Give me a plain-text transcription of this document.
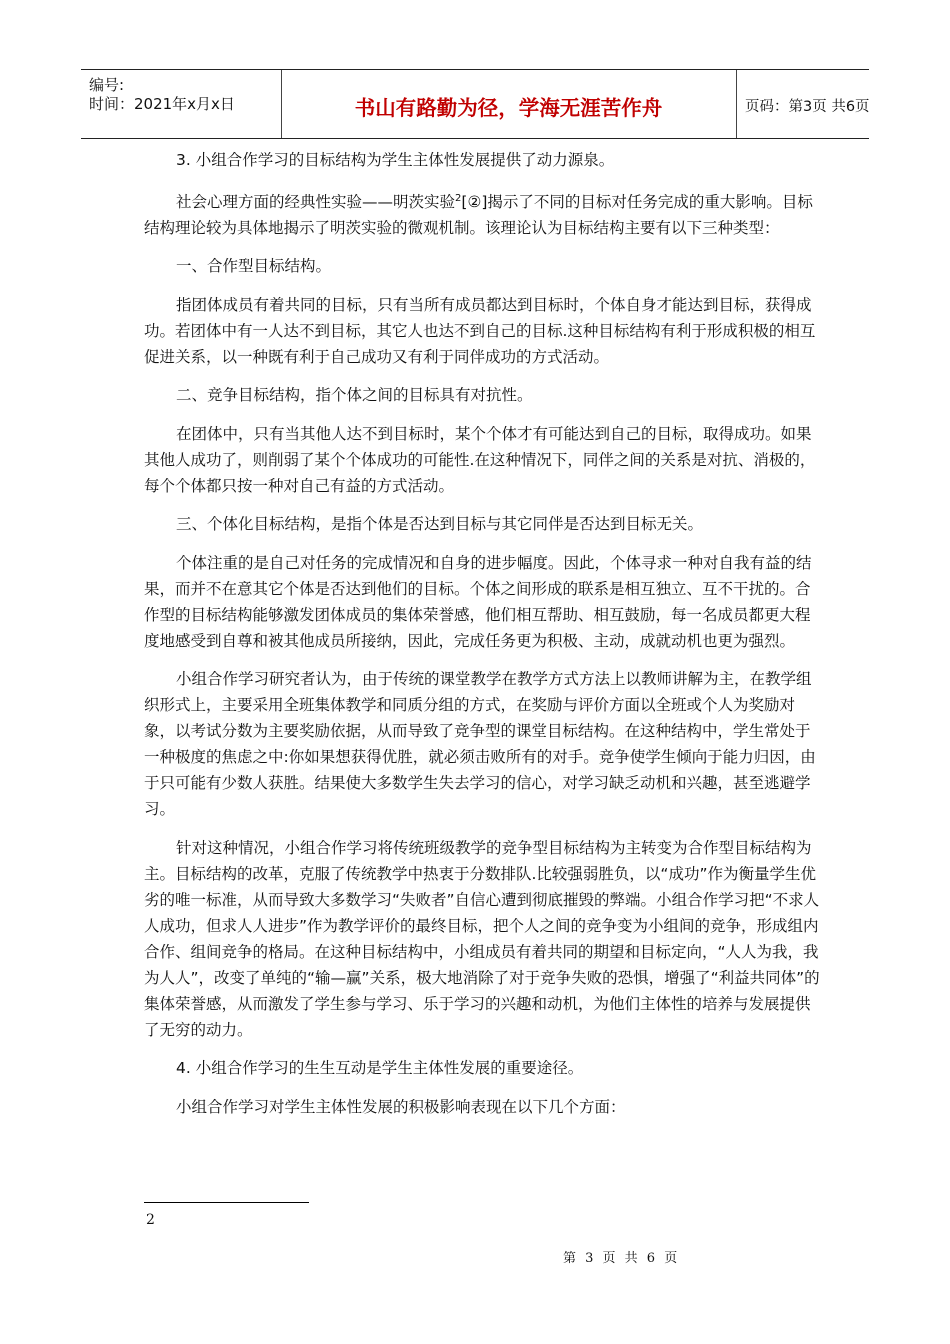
编号:
时间：2021年x月x日	书山有路勤为径，学海无涯苦作舟	页码：第3页 共6页

3. 小组合作学习的目标结构为学生主体性发展提供了动力源泉。

社会心理方面的经典性实验——明茨实验$^2$[②]揭示了不同的目标对任务完成的重大影响。目标结构理论较为具体地揭示了明茨实验的微观机制。该理论认为目标结构主要有以下三种类型：

一、合作型目标结构。

指团体成员有着共同的目标，只有当所有成员都达到目标时，个体自身才能达到目标，获得成功。若团体中有一人达不到目标，其它人也达不到自己的目标.这种目标结构有利于形成积极的相互促进关系，以一种既有利于自己成功又有利于同伴成功的方式活动。

二、竞争目标结构，指个体之间的目标具有对抗性。

在团体中，只有当其他人达不到目标时，某个个体才有可能达到自己的目标，取得成功。如果其他人成功了，则削弱了某个个体成功的可能性.在这种情况下，同伴之间的关系是对抗、消极的，每个个体都只按一种对自己有益的方式活动。

三、个体化目标结构，是指个体是否达到目标与其它同伴是否达到目标无关。

个体注重的是自己对任务的完成情况和自身的进步幅度。因此，个体寻求一种对自我有益的结果，而并不在意其它个体是否达到他们的目标。个体之间形成的联系是相互独立、互不干扰的。合作型的目标结构能够激发团体成员的集体荣誉感，他们相互帮助、相互鼓励，每一名成员都更大程度地感受到自尊和被其他成员所接纳，因此，完成任务更为积极、主动，成就动机也更为强烈。

小组合作学习研究者认为，由于传统的课堂教学在教学方式方法上以教师讲解为主，在教学组织形式上，主要采用全班集体教学和同质分组的方式，在奖励与评价方面以全班或个人为奖励对象，以考试分数为主要奖励依据，从而导致了竞争型的课堂目标结构。在这种结构中，学生常处于一种极度的焦虑之中:你如果想获得优胜，就必须击败所有的对手。竞争使学生倾向于能力归因，由于只可能有少数人获胜。结果使大多数学生失去学习的信心，对学习缺乏动机和兴趣，甚至逃避学习。

针对这种情况，小组合作学习将传统班级教学的竞争型目标结构为主转变为合作型目标结构为主。目标结构的改革，克服了传统教学中热衷于分数排队.比较强弱胜负，以“成功”作为衡量学生优劣的唯一标准，从而导致大多数学习“失败者”自信心遭到彻底摧毁的弊端。小组合作学习把“不求人人成功，但求人人进步”作为教学评价的最终目标，把个人之间的竞争变为小组间的竞争，形成组内合作、组间竞争的格局。在这种目标结构中，小组成员有着共同的期望和目标定向，“人人为我，我为人人”，改变了单纯的“输—赢”关系，极大地消除了对于竞争失败的恐惧，增强了“利益共同体”的集体荣誉感，从而激发了学生参与学习、乐于学习的兴趣和动机，为他们主体性的培养与发展提供了无穷的动力。

4. 小组合作学习的生生互动是学生主体性发展的重要途径。

小组合作学习对学生主体性发展的积极影响表现在以下几个方面：

2
第 3 页 共 6 页
